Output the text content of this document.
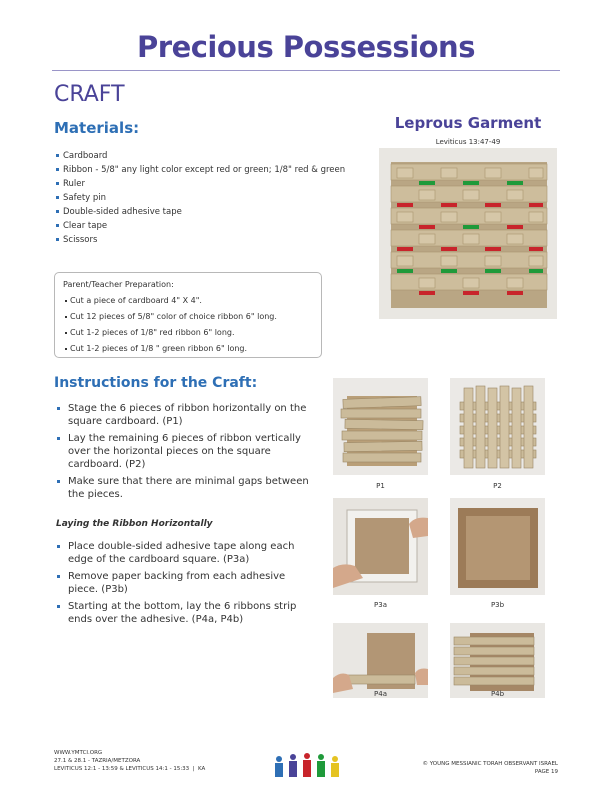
Precious Possessions
CRAFT
Materials:
Cardboard
Ribbon - 5/8" any light color except red or green; 1/8" red & green
Ruler
Safety pin
Double-sided adhesive tape
Clear tape
Scissors
Parent/Teacher Preparation:
Cut a piece of cardboard 4" X 4".
Cut 12 pieces of 5/8" color of choice ribbon 6" long.
Cut 1-2 pieces of 1/8" red ribbon 6" long.
Cut 1-2 pieces of 1/8 " green ribbon 6" long.
Leprous Garment
Leviticus 13:47-49
Instructions for the Craft:
Stage the 6 pieces of ribbon horizontally on the square cardboard. (P1)
Lay the remaining 6 pieces of ribbon vertically over the horizontal pieces on the square cardboard. (P2)
Make sure that there are minimal gaps between the pieces.
Laying the Ribbon Horizontally
Place double-sided adhesive tape along each edge of the cardboard square. (P3a)
Remove paper backing from each adhesive piece. (P3b)
Starting at the bottom, lay the 6 ribbons strip ends over the adhesive. (P4a, P4b)
P1	P2
P3a	P3b
P4a	P4b
WWW.YMTCI.ORG
27.1 & 28.1 - TAZRIA/METZORA
LEVITICUS 12:1 - 13:59 & LEVITICUS 14:1 - 15:33  |  KA
© YOUNG MESSIANIC TORAH OBSERVANT ISRAEL
PAGE 19
